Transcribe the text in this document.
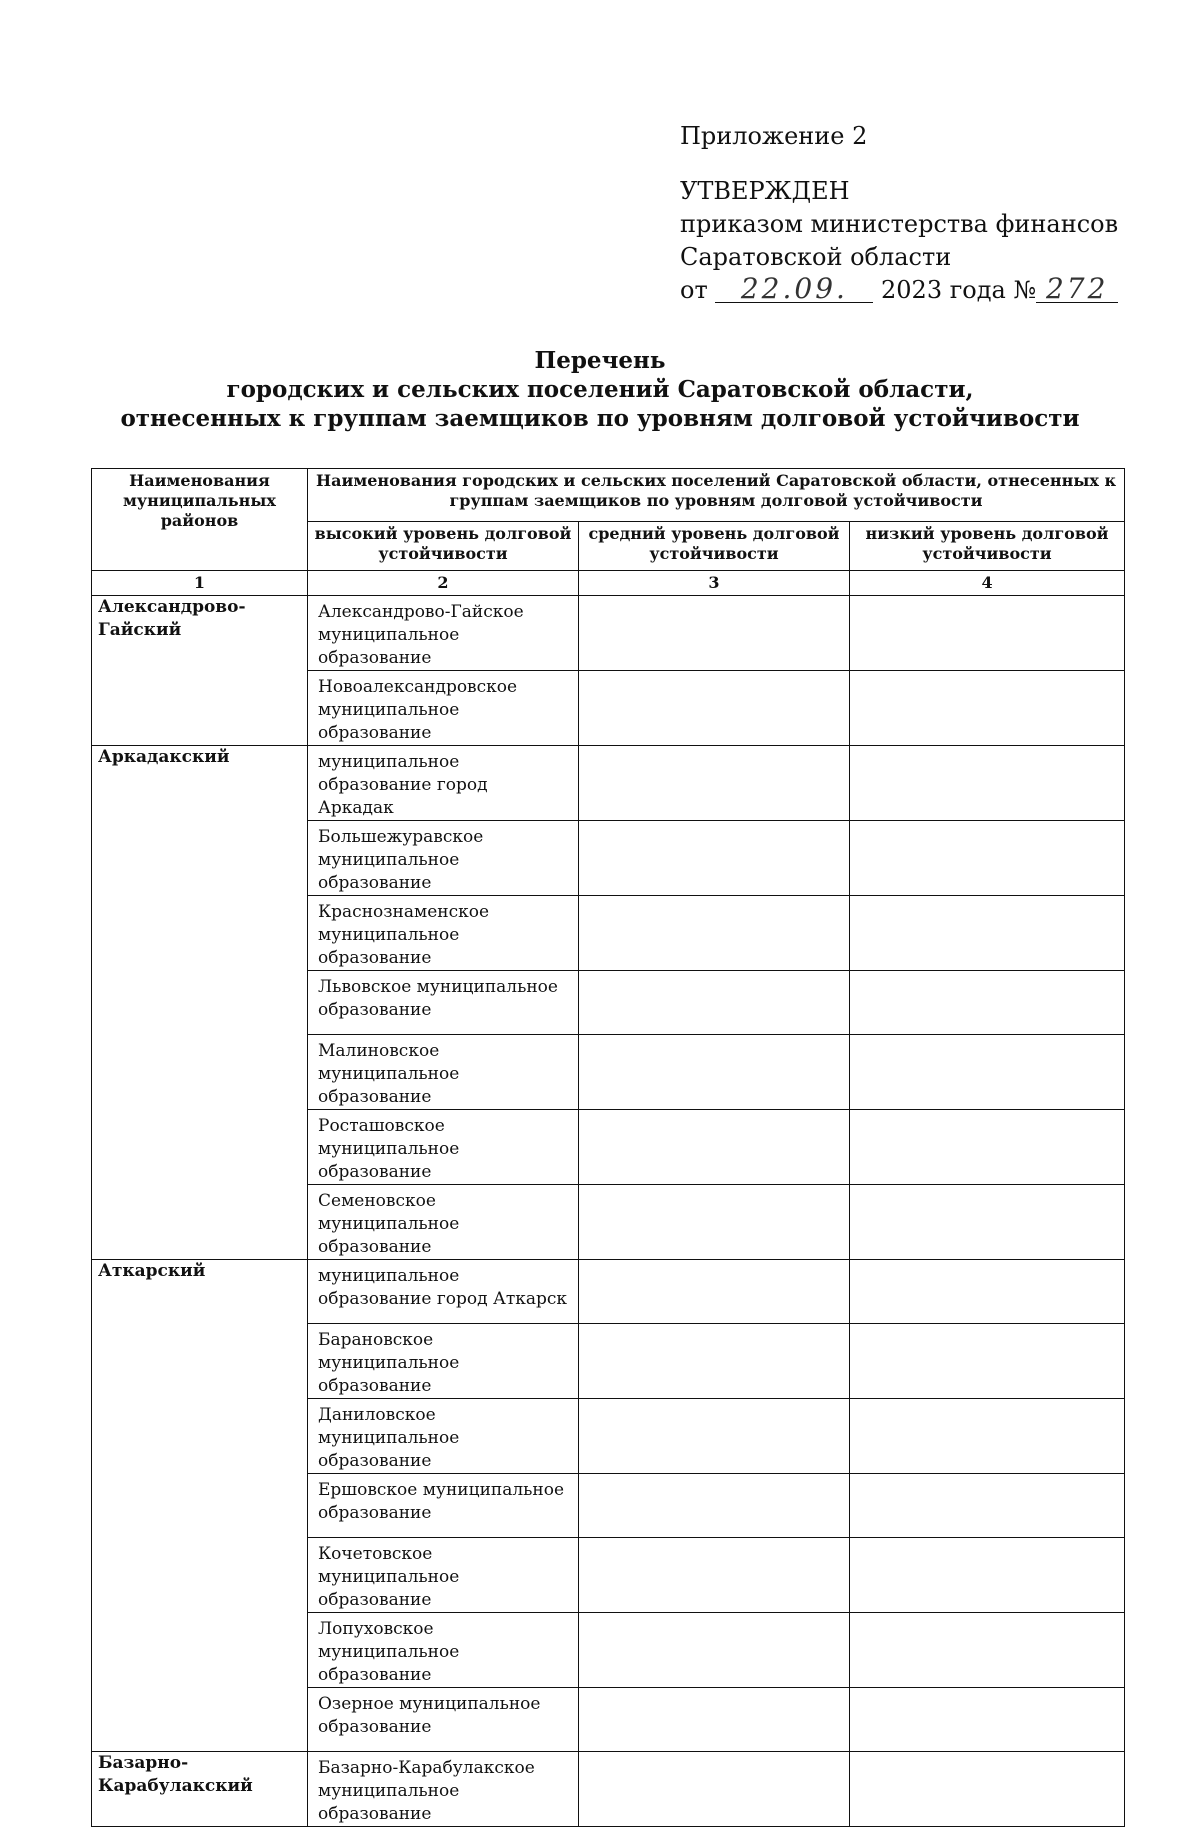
Приложение 2
УТВЕРЖДЕН
приказом министерства финансов
Саратовской области
от 22.09. 2023 года № 272
Перечень
городских и сельских поселений Саратовской области,
отнесенных к группам заемщиков по уровням долговой устойчивости
Наименования муниципальных районов	Наименования городских и сельских поселений Саратовской области, отнесенных к группам заемщиков по уровням долговой устойчивости		
	высокий уровень долговой устойчивости	средний уровень долговой устойчивости	низкий уровень долговой устойчивости
1	2	3	4
Александрово-Гайский	Александрово-Гайское муниципальное образование		
	Новоалександровское муниципальное образование		
Аркадакский	муниципальное образование город Аркадак		
	Большежуравское муниципальное образование		
	Краснознаменское муниципальное образование		
	Львовское муниципальное образование		
	Малиновское муниципальное образование		
	Росташовское муниципальное образование		
	Семеновское муниципальное образование		
Аткарский	муниципальное образование город Аткарск		
	Барановское муниципальное образование		
	Даниловское муниципальное образование		
	Ершовское муниципальное образование		
	Кочетовское муниципальное образование		
	Лопуховское муниципальное образование		
	Озерное муниципальное образование		
Базарно-Карабулакский	Базарно-Карабулакское муниципальное образование		
